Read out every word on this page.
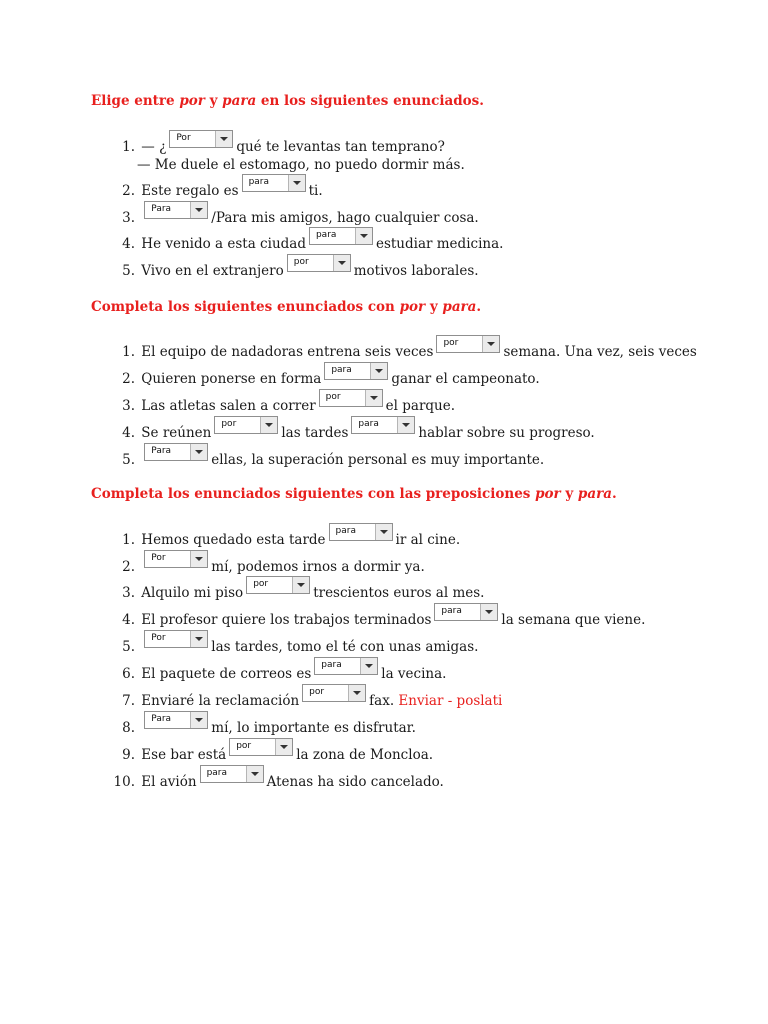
Elige entre por y para en los siguientes enunciados.
Completa los siguientes enunciados con por y para.
Completa los enunciados siguientes con las preposiciones por y para.
1. — ¿
Por
qué te levantas tan temprano?
— Me duele el estomago, no puedo dormir más.
2. Este regalo es
para
ti.
3.
Para
/Para mis amigos, hago cualquier cosa.
4. He venido a esta ciudad
para
estudiar medicina.
5. Vivo en el extranjero
por
motivos laborales.
1. El equipo de nadadoras entrena seis veces
por
semana. Una vez, seis veces
2. Quieren ponerse en forma
para
ganar el campeonato.
3. Las atletas salen a correr
por
el parque.
4. Se reúnen
por
las tardes
para
hablar sobre su progreso.
5.
Para
ellas, la superación personal es muy importante.
1. Hemos quedado esta tarde
para
ir al cine.
2.
Por
mí, podemos irnos a dormir ya.
3. Alquilo mi piso
por
trescientos euros al mes.
4. El profesor quiere los trabajos terminados
para
la semana que viene.
5.
Por
las tardes, tomo el té con unas amigas.
6. El paquete de correos es
para
la vecina.
7. Enviaré la reclamación
por
fax. Enviar - poslati
8.
Para
mí, lo importante es disfrutar.
9. Ese bar está
por
la zona de Moncloa.
10. El avión
para
Atenas ha sido cancelado.
